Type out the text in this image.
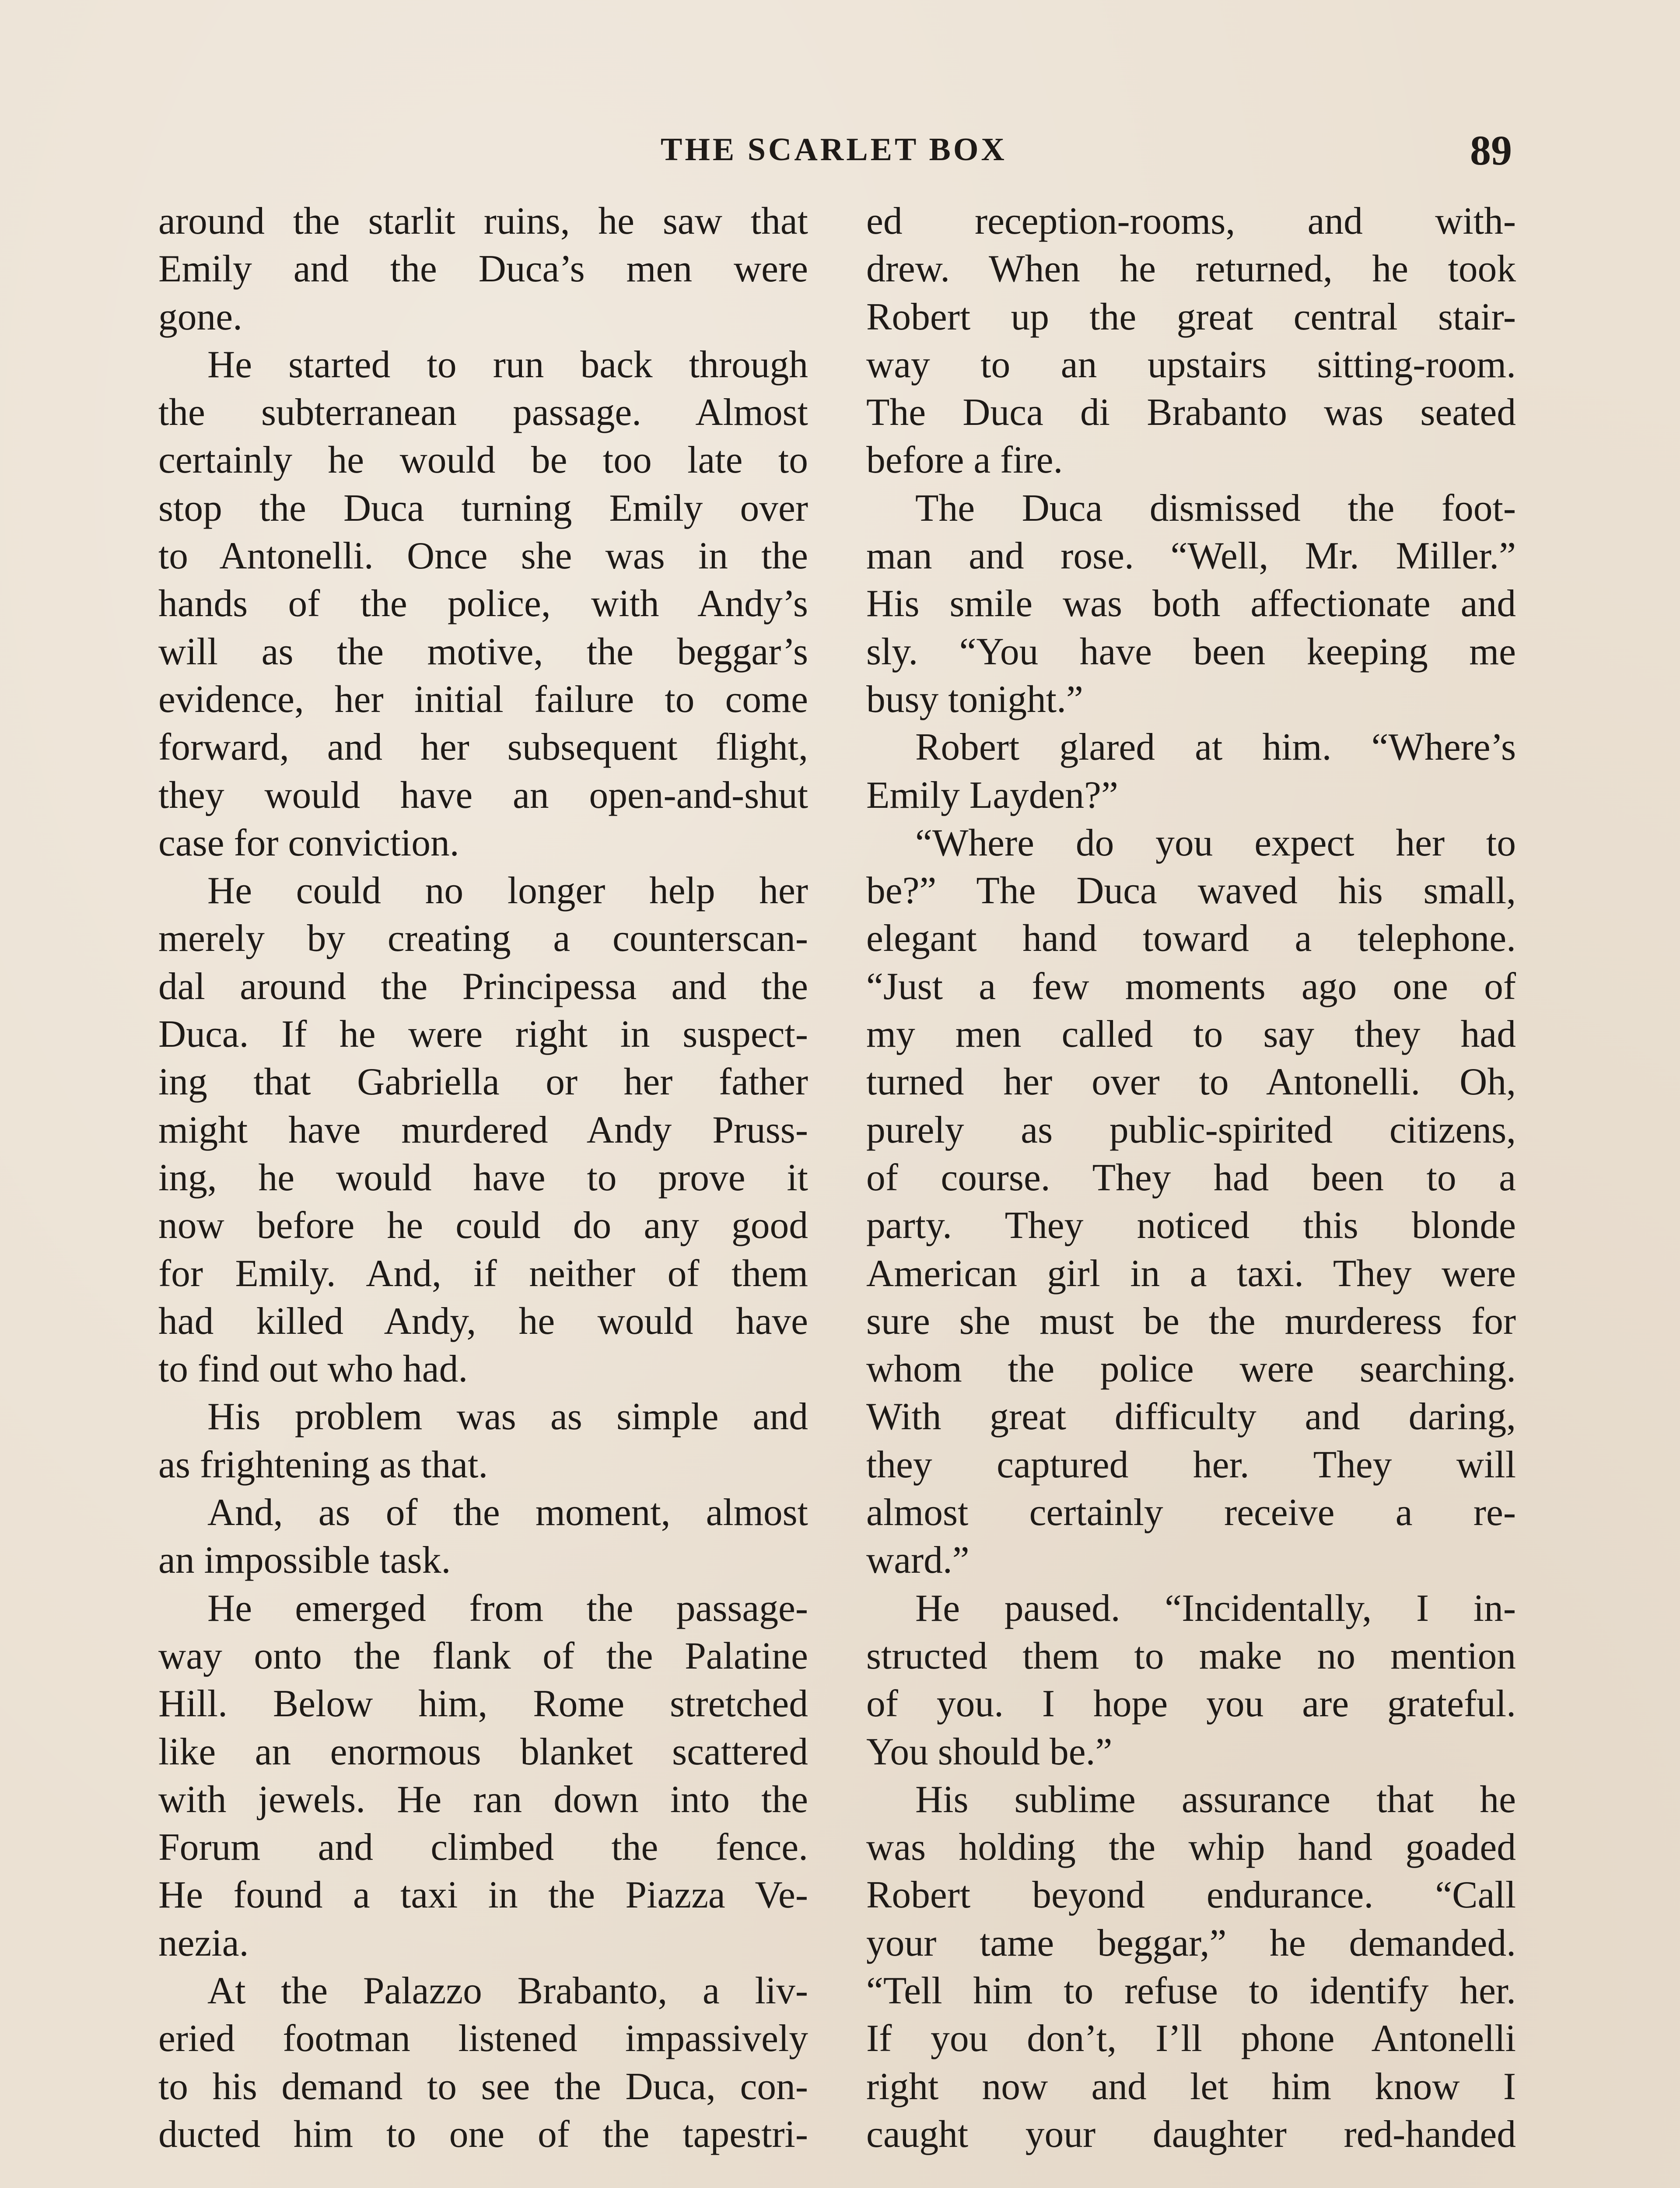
THE SCARLET BOX	89
around the starlit ruins, he saw that
Emily and the Duca’s men were
gone.
He started to run back through
the subterranean passage. Almost
certainly he would be too late to
stop the Duca turning Emily over
to Antonelli. Once she was in the
hands of the police, with Andy’s
will as the motive, the beggar’s
evidence, her initial failure to come
forward, and her subsequent flight,
they would have an open-and-shut
case for conviction.
He could no longer help her
merely by creating a counterscan-
dal around the Principessa and the
Duca. If he were right in suspect-
ing that Gabriella or her father
might have murdered Andy Pruss-
ing, he would have to prove it
now before he could do any good
for Emily. And, if neither of them
had killed Andy, he would have
to find out who had.
His problem was as simple and
as frightening as that.
And, as of the moment, almost
an impossible task.
He emerged from the passage-
way onto the flank of the Palatine
Hill. Below him, Rome stretched
like an enormous blanket scattered
with jewels. He ran down into the
Forum and climbed the fence.
He found a taxi in the Piazza Ve-
nezia.
At the Palazzo Brabanto, a liv-
eried footman listened impassively
to his demand to see the Duca, con-
ducted him to one of the tapestri-
ed reception-rooms, and with-
drew. When he returned, he took
Robert up the great central stair-
way to an upstairs sitting-room.
The Duca di Brabanto was seated
before a fire.
The Duca dismissed the foot-
man and rose. “Well, Mr. Miller.”
His smile was both affectionate and
sly. “You have been keeping me
busy tonight.”
Robert glared at him. “Where’s
Emily Layden?”
“Where do you expect her to
be?” The Duca waved his small,
elegant hand toward a telephone.
“Just a few moments ago one of
my men called to say they had
turned her over to Antonelli. Oh,
purely as public-spirited citizens,
of course. They had been to a
party. They noticed this blonde
American girl in a taxi. They were
sure she must be the murderess for
whom the police were searching.
With great difficulty and daring,
they captured her. They will
almost certainly receive a re-
ward.”
He paused. “Incidentally, I in-
structed them to make no mention
of you. I hope you are grateful.
You should be.”
His sublime assurance that he
was holding the whip hand goaded
Robert beyond endurance. “Call
your tame beggar,” he demanded.
“Tell him to refuse to identify her.
If you don’t, I’ll phone Antonelli
right now and let him know I
caught your daughter red-handed
